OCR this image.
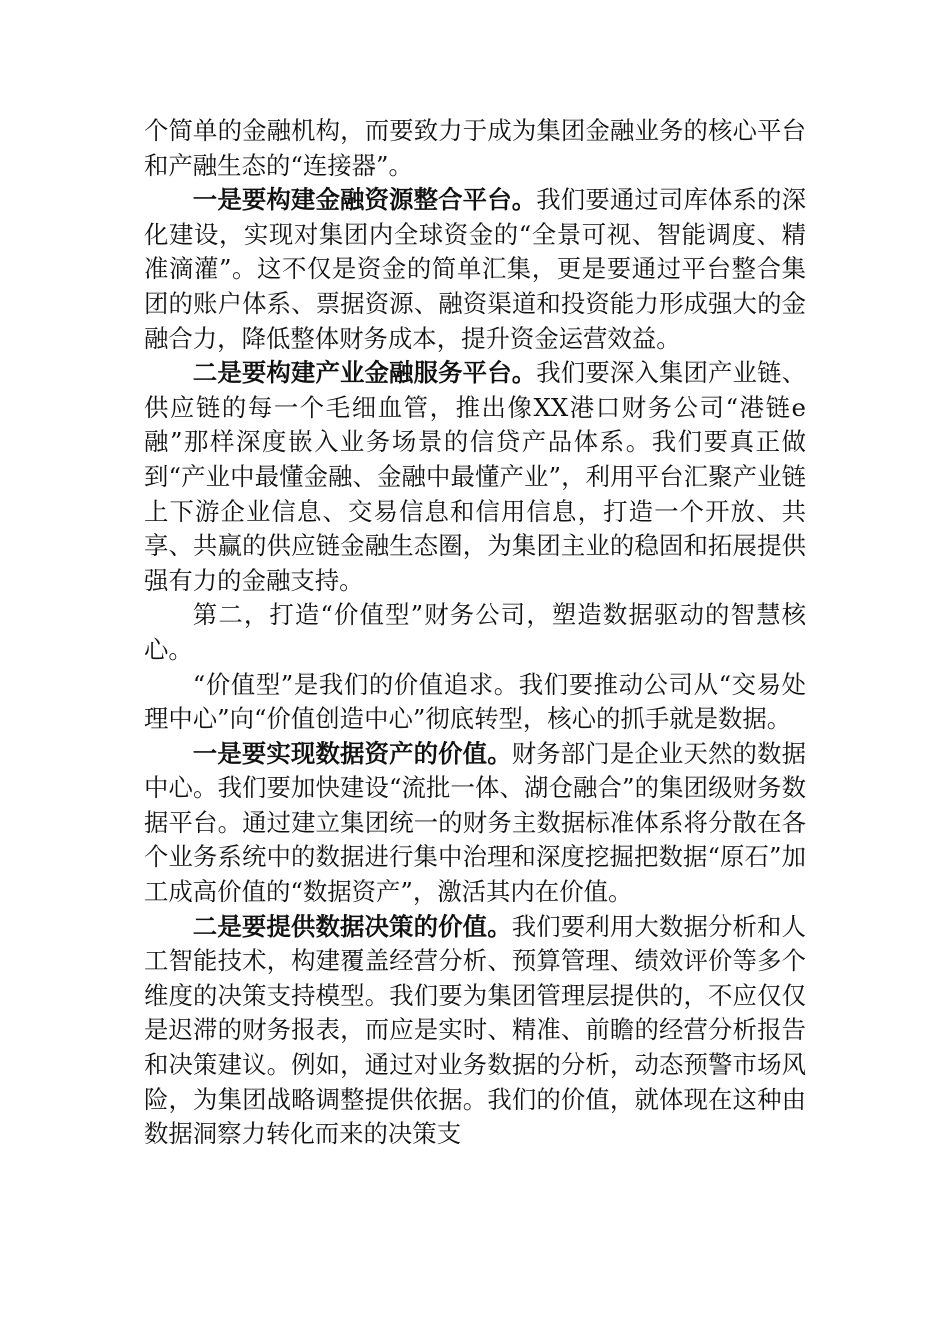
个简单的金融机构，而要致力于成为集团金融业务的核心平台和产融生态的“连接器”。

一是要构建金融资源整合平台。我们要通过司库体系的深化建设，实现对集团内全球资金的“全景可视、智能调度、精准滴灌”。这不仅是资金的简单汇集，更是要通过平台整合集团的账户体系、票据资源、融资渠道和投资能力形成强大的金融合力，降低整体财务成本，提升资金运营效益。

二是要构建产业金融服务平台。我们要深入集团产业链、供应链的每一个毛细血管，推出像XX港口财务公司“港链e融”那样深度嵌入业务场景的信贷产品体系。我们要真正做到“产业中最懂金融、金融中最懂产业”，利用平台汇聚产业链上下游企业信息、交易信息和信用信息，打造一个开放、共享、共赢的供应链金融生态圈，为集团主业的稳固和拓展提供强有力的金融支持。

第二，打造“价值型”财务公司，塑造数据驱动的智慧核心。

“价值型”是我们的价值追求。我们要推动公司从“交易处理中心”向“价值创造中心”彻底转型，核心的抓手就是数据。

一是要实现数据资产的价值。财务部门是企业天然的数据中心。我们要加快建设“流批一体、湖仓融合”的集团级财务数据平台。通过建立集团统一的财务主数据标准体系将分散在各个业务系统中的数据进行集中治理和深度挖掘把数据“原石”加工成高价值的“数据资产”，激活其内在价值。

二是要提供数据决策的价值。我们要利用大数据分析和人工智能技术，构建覆盖经营分析、预算管理、绩效评价等多个维度的决策支持模型。我们要为集团管理层提供的，不应仅仅是迟滞的财务报表，而应是实时、精准、前瞻的经营分析报告和决策建议。例如，通过对业务数据的分析，动态预警市场风险，为集团战略调整提供依据。我们的价值，就体现在这种由数据洞察力转化而来的决策支
